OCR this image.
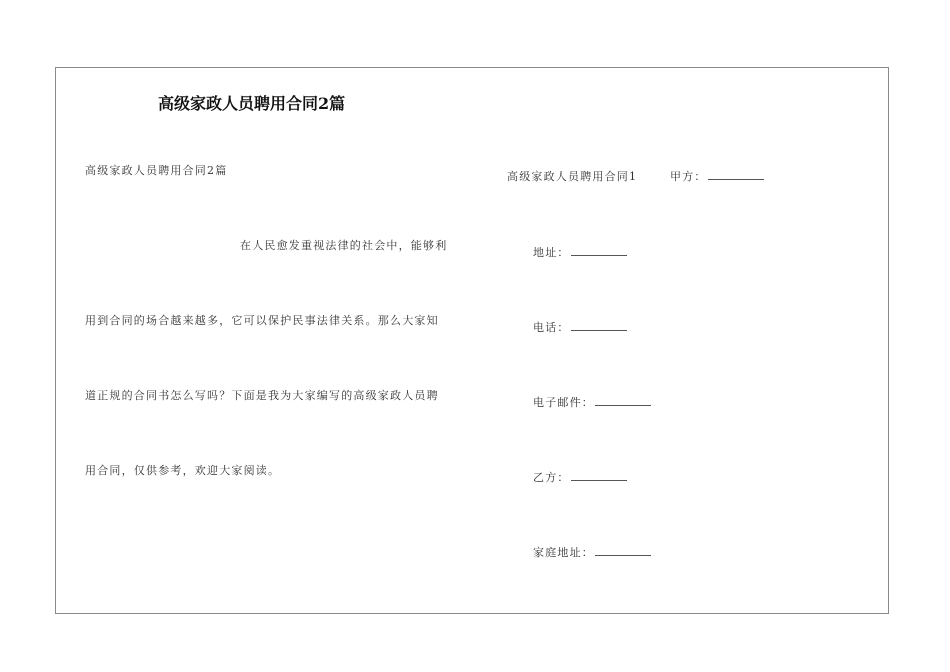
高级家政人员聘用合同2篇
高级家政人员聘用合同2篇
在人民愈发重视法律的社会中，能够利
用到合同的场合越来越多，它可以保护民事法律关系。那么大家知
道正规的合同书怎么写吗？下面是我为大家编写的高级家政人员聘
用合同，仅供参考，欢迎大家阅读。
高级家政人员聘用合同1	甲方：
地址：
电话：
电子邮件：
乙方：
家庭地址：
